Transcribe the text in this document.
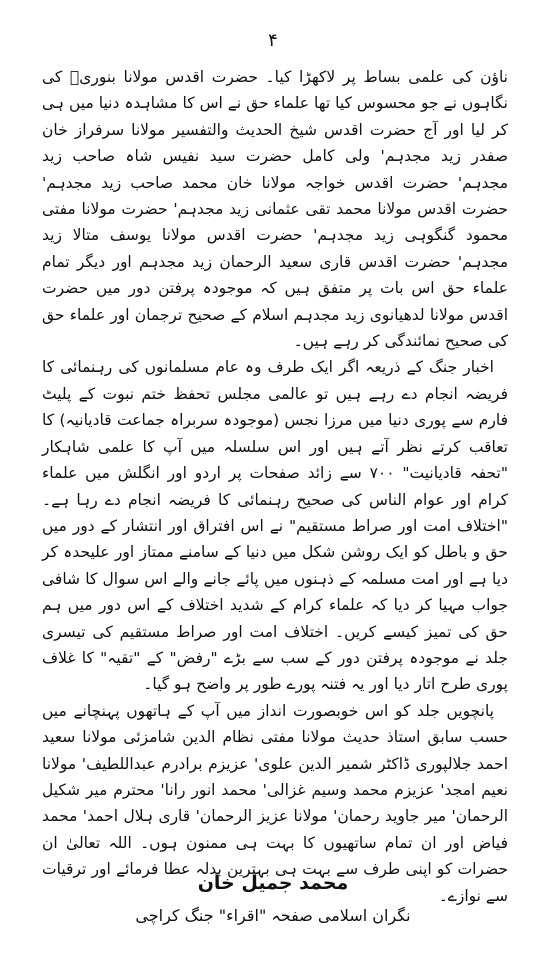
۴

ناؤن کی علمی بساط پر لاکھڑا کیا۔ حضرت اقدس مولانا بنوریؒ کی نگاہوں نے جو محسوس کیا تھا علماء حق نے اس کا مشاہدہ دنیا میں ہی کر لیا اور آج حضرت اقدس شیخ الحدیث والتفسیر مولانا سرفراز خان صفدر زید مجدہم' ولی کامل حضرت سید نفیس شاہ صاحب زید مجدہم' حضرت اقدس خواجہ مولانا خان محمد صاحب زید مجدہم' حضرت اقدس مولانا محمد تقی عثمانی زید مجدہم' حضرت مولانا مفتی محمود گنگوہی زید مجدہم' حضرت اقدس مولانا یوسف متالا زید مجدہم' حضرت اقدس قاری سعید الرحمان زید مجدہم اور دیگر تمام علماء حق اس بات پر متفق ہیں کہ موجودہ پرفتن دور میں حضرت اقدس مولانا لدھیانوی زید مجدہم اسلام کے صحیح ترجمان اور علماء حق کی صحیح نمائندگی کر رہے ہیں۔

اخبار جنگ کے ذریعہ اگر ایک طرف وہ عام مسلمانوں کی رہنمائی کا فریضہ انجام دے رہے ہیں تو عالمی مجلس تحفظ ختم نبوت کے پلیٹ فارم سے پوری دنیا میں مرزا نجس (موجودہ سربراہ جماعت قادیانیہ) کا تعاقب کرتے نظر آتے ہیں اور اس سلسلہ میں آپ کا علمی شاہکار "تحفہ قادیانیت" ۷۰۰ سے زائد صفحات پر اردو اور انگلش میں علماء کرام اور عوام الناس کی صحیح رہنمائی کا فریضہ انجام دے رہا ہے۔ "اختلاف امت اور صراط مستقیم" نے اس افتراق اور انتشار کے دور میں حق و باطل کو ایک روشن شکل میں دنیا کے سامنے ممتاز اور علیحدہ کر دیا ہے اور امت مسلمہ کے ذہنوں میں پائے جانے والے اس سوال کا شافی جواب مہیا کر دیا کہ علماء کرام کے شدید اختلاف کے اس دور میں ہم حق کی تمیز کیسے کریں۔ اختلاف امت اور صراط مستقیم کی تیسری جلد نے موجودہ پرفتن دور کے سب سے بڑے "رفض" کے "تقیہ" کا غلاف پوری طرح اتار دیا اور یہ فتنہ پورے طور پر واضح ہو گیا۔

پانچویں جلد کو اس خوبصورت انداز میں آپ کے ہاتھوں پہنچانے میں حسب سابق استاذ حدیث مولانا مفتی نظام الدین شامزئی مولانا سعید احمد جلالپوری ڈاکٹر شمیر الدین علوی' عزیزم برادرم عبداللطیف' مولانا نعیم امجد' عزیزم محمد وسیم غزالی' محمد انور رانا' محترم میر شکیل الرحمان' میر جاوید رحمان' مولانا عزیز الرحمان' قاری ہلال احمد' محمد فیاض اور ان تمام ساتھیوں کا بہت ہی ممنون ہوں۔ اللہ تعالیٰ ان حضرات کو اپنی طرف سے بہت ہی بہترین بدلہ عطا فرمائے اور ترقیات سے نوازے۔

محمد جمیل خان
نگران اسلامی صفحہ "اقراء" جنگ کراچی
